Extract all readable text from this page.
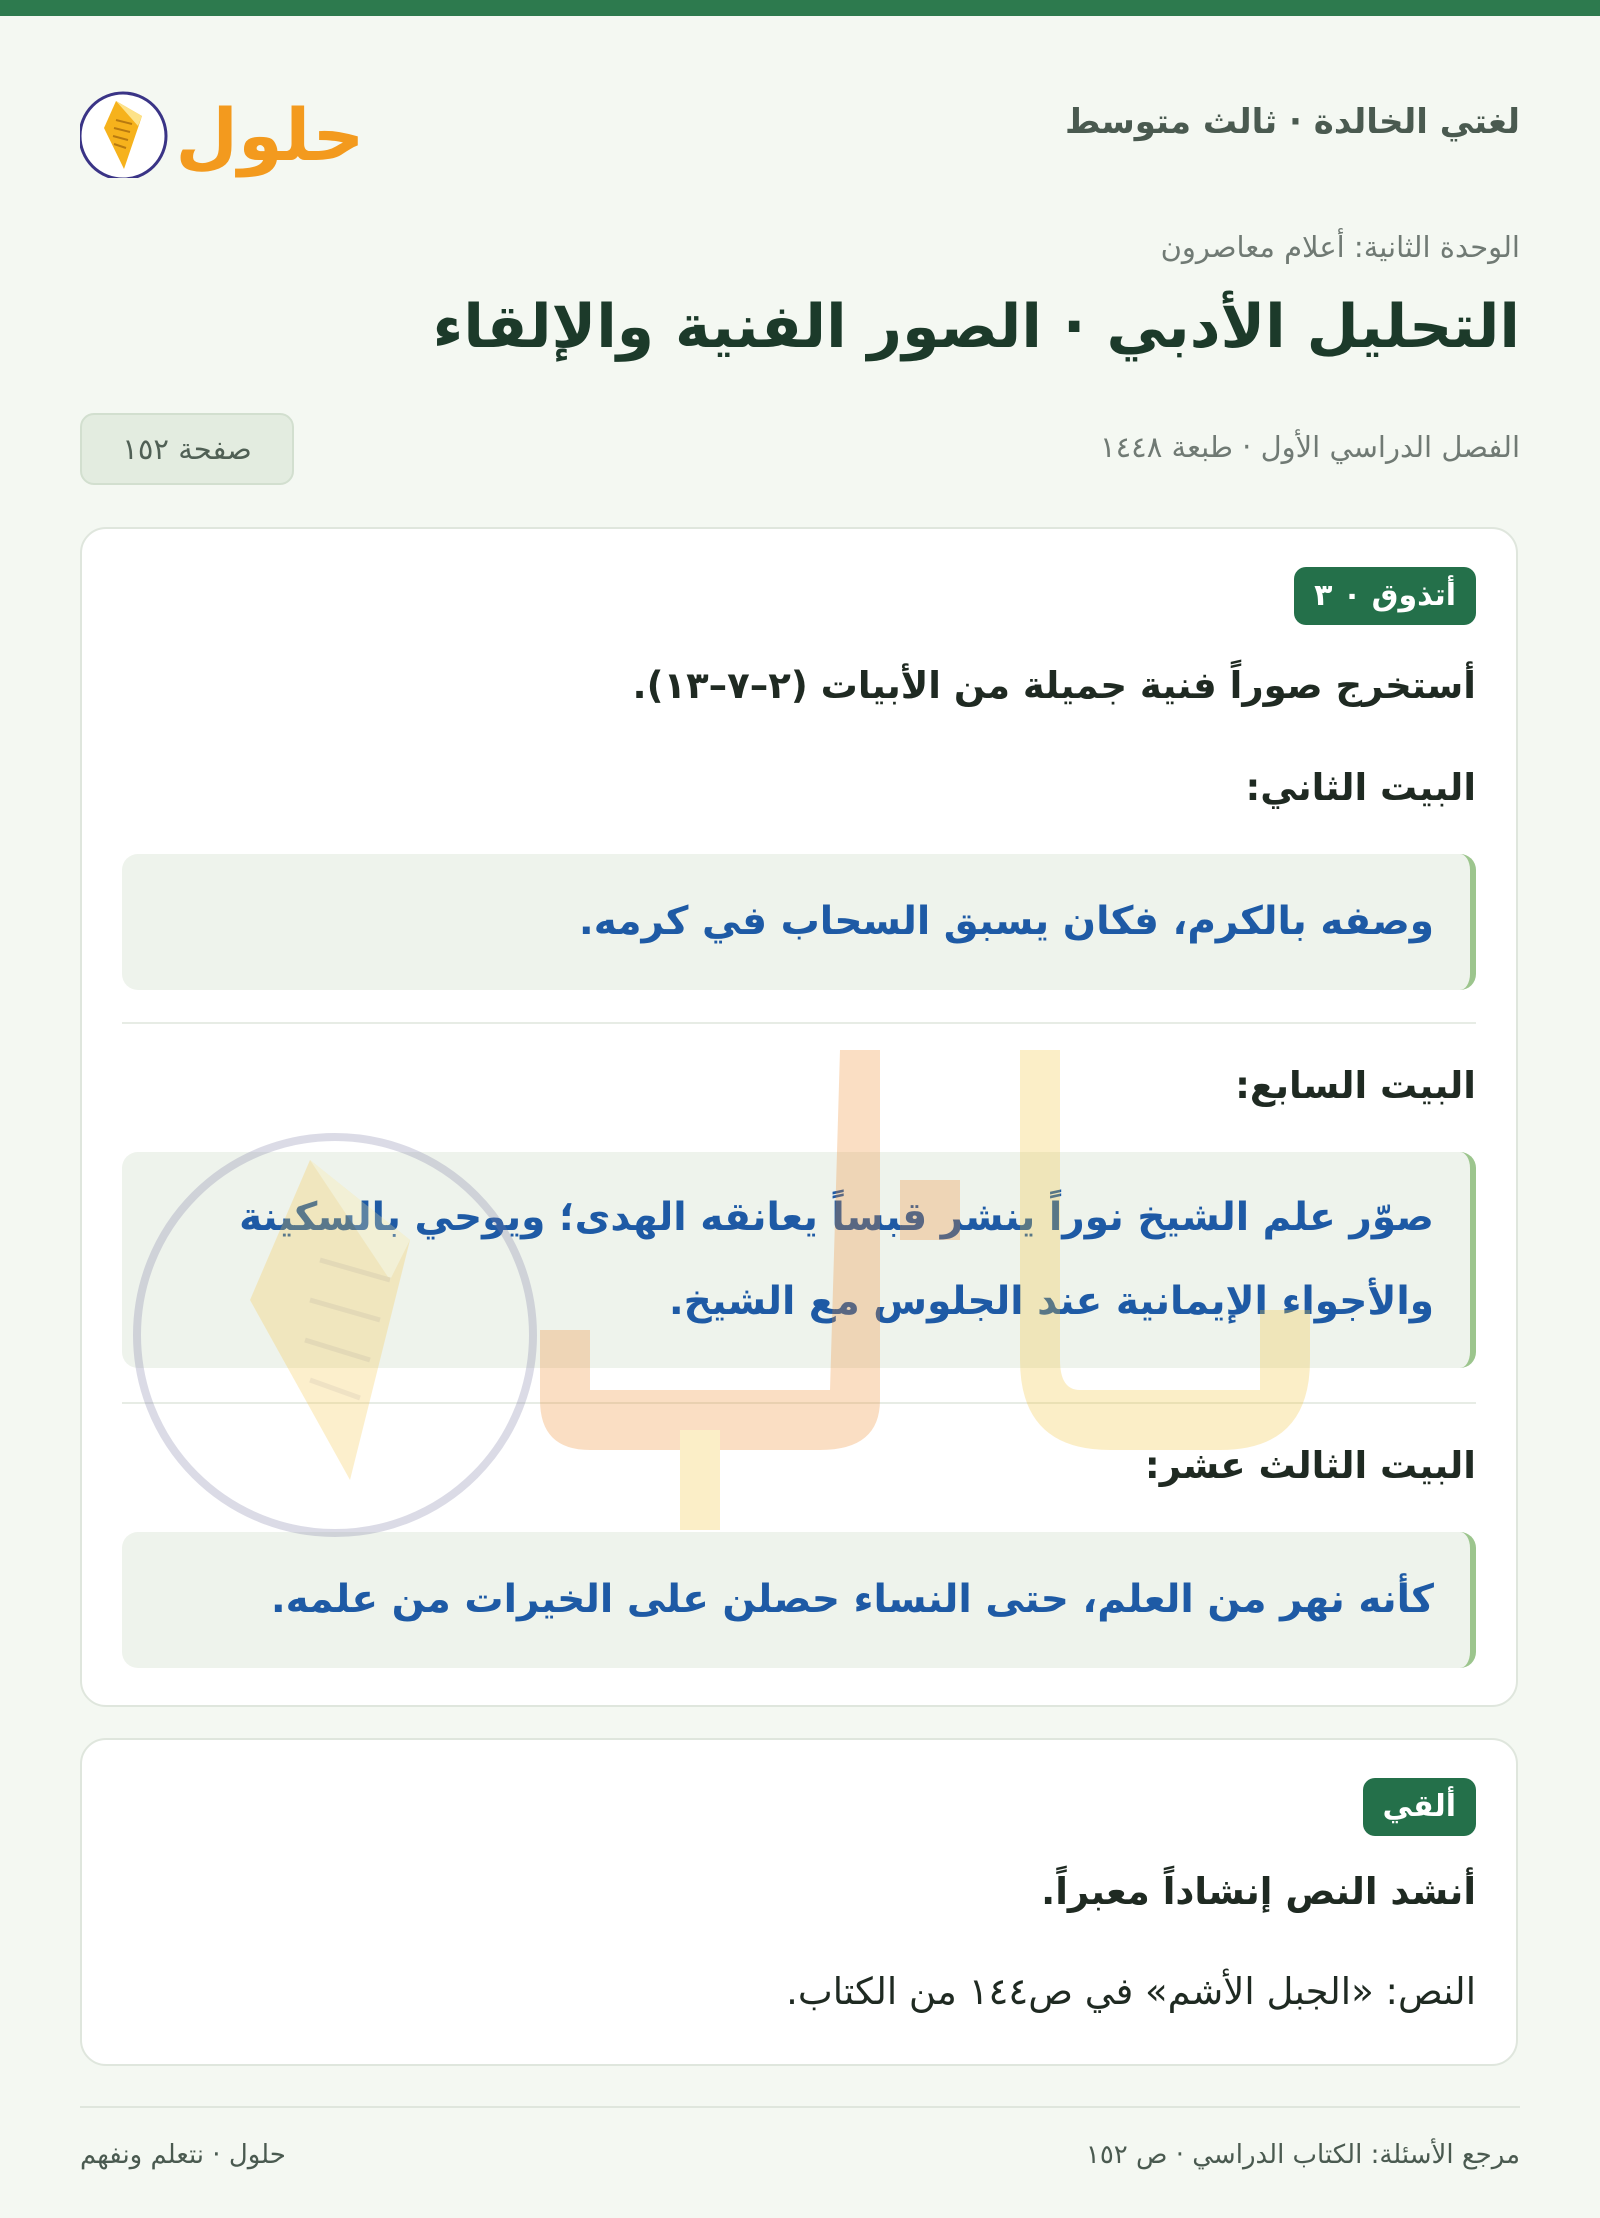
لغتي الخالدة · ثالث متوسط
حلول
الوحدة الثانية: أعلام معاصرون
التحليل الأدبي · الصور الفنية والإلقاء
الفصل الدراسي الأول · طبعة ١٤٤٨
صفحة ١٥٢
أتذوق ٠ ٣
أستخرج صوراً فنية جميلة من الأبيات (٢–٧–١٣).
البيت الثاني:
وصفه بالكرم، فكان يسبق السحاب في كرمه.
البيت السابع:
صوّر علم الشيخ نوراً ينشر قبساً يعانقه الهدى؛ ويوحي بالسكينة
والأجواء الإيمانية عند الجلوس مع الشيخ.
البيت الثالث عشر:
كأنه نهر من العلم، حتى النساء حصلن على الخيرات من علمه.
ألقي
أنشد النص إنشاداً معبراً.
النص: «الجبل الأشم» في ص١٤٤ من الكتاب.
مرجع الأسئلة: الكتاب الدراسي · ص ١٥٢
حلول · نتعلم ونفهم
